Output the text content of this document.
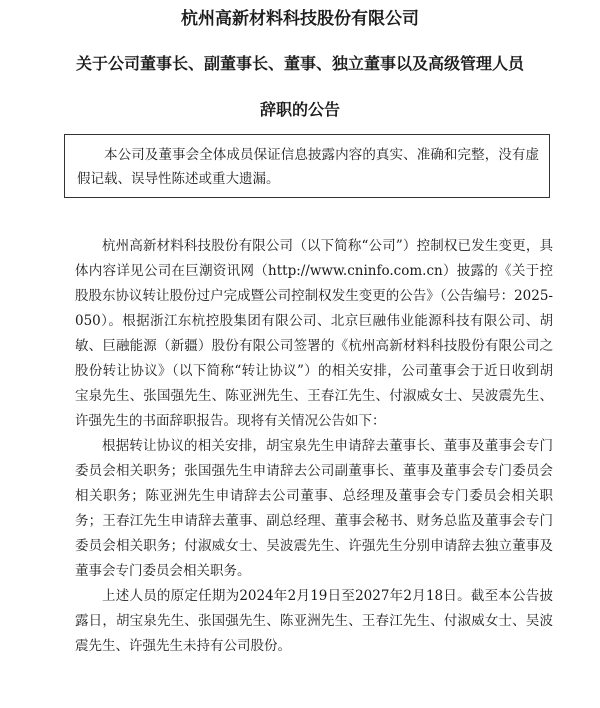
杭州高新材料科技股份有限公司
关于公司董事长、副董事长、董事、独立董事以及高级管理人员
辞职的公告

本公司及董事会全体成员保证信息披露内容的真实、准确和完整，没有虚假记载、误导性陈述或重大遗漏。

杭州高新材料科技股份有限公司（以下简称“公司”）控制权已发生变更，具体内容详见公司在巨潮资讯网（http://www.cninfo.com.cn）披露的《关于控股股东协议转让股份过户完成暨公司控制权发生变更的公告》（公告编号：2025-050）。根据浙江东杭控股集团有限公司、北京巨融伟业能源科技有限公司、胡敏、巨融能源（新疆）股份有限公司签署的《杭州高新材料科技股份有限公司之股份转让协议》（以下简称“转让协议”）的相关安排，公司董事会于近日收到胡宝泉先生、张国强先生、陈亚洲先生、王春江先生、付淑威女士、吴波震先生、许强先生的书面辞职报告。现将有关情况公告如下：

根据转让协议的相关安排，胡宝泉先生申请辞去董事长、董事及董事会专门委员会相关职务；张国强先生申请辞去公司副董事长、董事及董事会专门委员会相关职务；陈亚洲先生申请辞去公司董事、总经理及董事会专门委员会相关职务；王春江先生申请辞去董事、副总经理、董事会秘书、财务总监及董事会专门委员会相关职务；付淑威女士、吴波震先生、许强先生分别申请辞去独立董事及董事会专门委员会相关职务。

上述人员的原定任期为2024年2月19日至2027年2月18日。截至本公告披露日，胡宝泉先生、张国强先生、陈亚洲先生、王春江先生、付淑威女士、吴波震先生、许强先生未持有公司股份。
